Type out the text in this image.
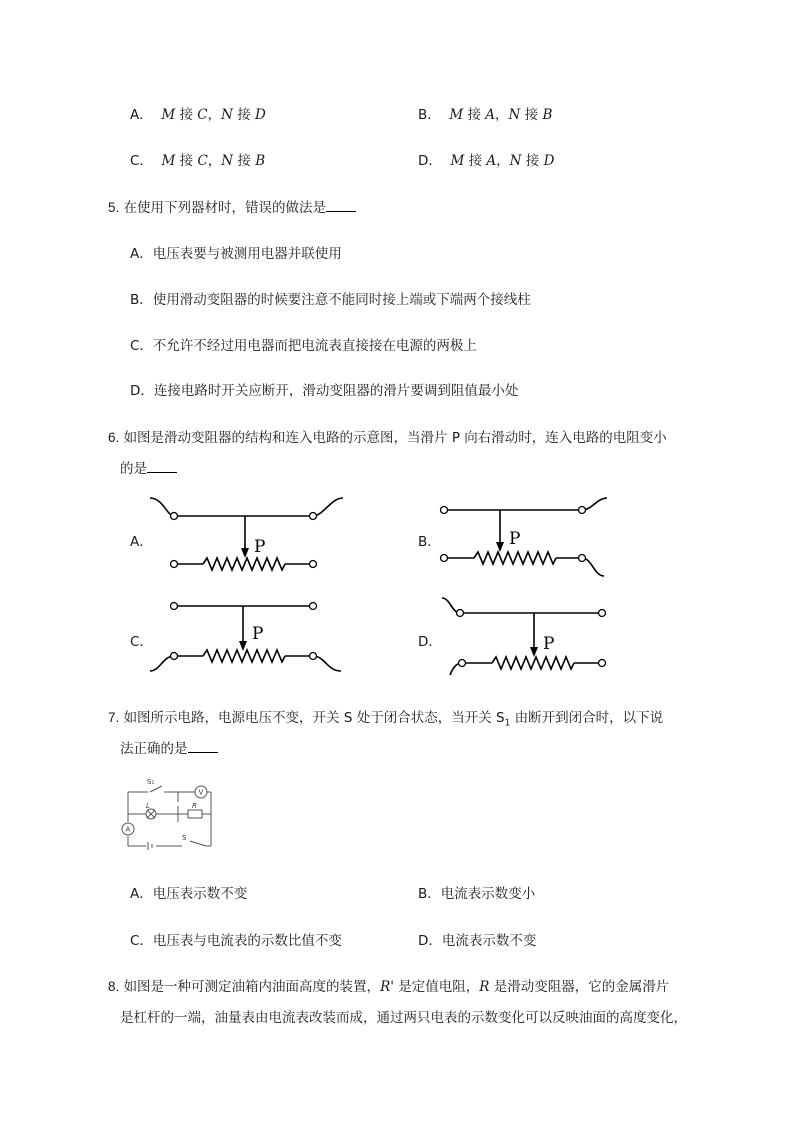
A． M 接 C，N 接 D	B． M 接 A，N 接 B
C． M 接 C，N 接 B	D． M 接 A，N 接 D
5. 在使用下列器材时，错误的做法是
A．电压表要与被测用电器并联使用
B．使用滑动变阻器的时候要注意不能同时接上端或下端两个接线柱
C．不允许不经过用电器而把电流表直接接在电源的两极上
D．连接电路时开关应断开，滑动变阻器的滑片要调到阻值最小处
6. 如图是滑动变阻器的结构和连入电路的示意图，当滑片 P 向右滑动时，连入电路的电阻变小
的是
A．	B．
C．	D．
P	P
P	P
7. 如图所示电路，电源电压不变，开关 S 处于闭合状态，当开关 $S_1$ 由断开到闭合时，以下说
法正确的是
S₁
L
V
R
A
S
A．电压表示数不变	B．电流表示数变小
C．电压表与电流表的示数比值不变	D．电流表示数不变
8. 如图是一种可测定油箱内油面高度的装置，R' 是定值电阻，R 是滑动变阻器，它的金属滑片
是杠杆的一端，油量表由电流表改装而成，通过两只电表的示数变化可以反映油面的高度变化，
